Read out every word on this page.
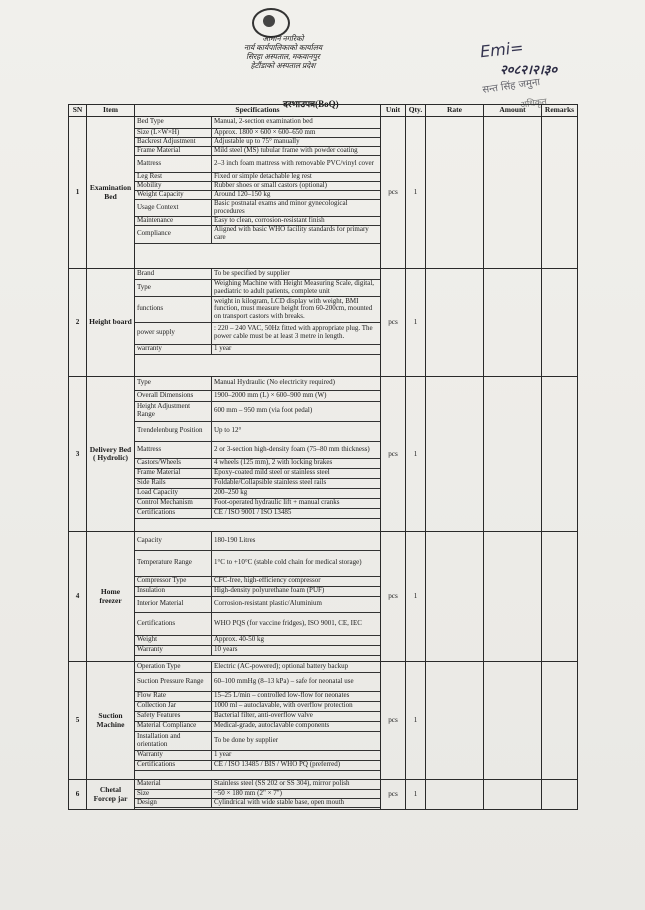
आमान नगरिको
नार्य कार्यपालिकाको कार्यालय
सिरहा अस्पताल, मकवानपुर
हेटौंडाको अस्पताल प्रदेश
Emi=
२०८२।२।३०
सन्त सिंह जमुना
अधिकृत
दरभाउपत्र(BoQ)
SN	Item	Specifications	Unit	Qty.	Rate	Amount	Remarks
1	Examination Bed	
Bed Type	Manual, 2-section examination bed
Size (L×W×H)	Approx. 1800 × 600 × 600–650 mm
Backrest Adjustment	Adjustable up to 75° manually
Frame Material	Mild steel (MS) tubular frame with powder coating
Mattress	2–3 inch foam mattress with removable PVC/vinyl cover
Leg Rest	Fixed or simple detachable leg rest
Mobility	Rubber shoes or small castors (optional)
Weight Capacity	Around 120–150 kg
Usage Context	Basic postnatal exams and minor gynecological procedures
Maintenance	Easy to clean, corrosion-resistant finish
Compliance	Aligned with basic WHO facility standards for primary care
	pcs	1			
2	Height board	
Brand	To be specified by supplier
Type	Weighing Machine with Height Measuring Scale, digital, paediatric to adult patients, complete unit
functions	weight in kilogram, LCD display with weight, BMI function, must measure height from 60-200cm, mounted on transport castors with breaks.
power supply	: 220 – 240 VAC, 50Hz fitted with appropriate plug. The power cable must be at least 3 metre in length.
warranty	1 year
	pcs	1			
3	Delivery Bed ( Hydrolic)	
Type	Manual Hydraulic (No electricity required)
Overall Dimensions	1900–2000 mm (L) × 600–900 mm (W)
Height Adjustment Range	600 mm – 950 mm (via foot pedal)
Trendelenburg Position	Up to 12°
Mattress	2 or 3-section high-density foam (75–80 mm thickness)
Castors/Wheels	4 wheels (125 mm), 2 with locking brakes
Frame Material	Epoxy-coated mild steel or stainless steel
Side Rails	Foldable/Collapsible stainless steel rails
Load Capacity	200–250 kg
Control Mechanism	Foot-operated hydraulic lift + manual cranks
Certifications	CE / ISO 9001 / ISO 13485
	pcs	1			
4	Home freezer	
Capacity	180-190 Litres
Temperature Range	1°C to +10°C (stable cold chain for medical storage)
Compressor Type	CFC-free, high-efficiency compressor
Insulation	High-density polyurethane foam (PUF)
Interior Material	Corrosion-resistant plastic/Aluminium
Certifications	WHO PQS (for vaccine fridges), ISO 9001, CE, IEC
Weight	Approx. 40-50 kg
Warranty	10 years
	pcs	1			
5	Suction Machine	
Operation Type	Electric (AC-powered); optional battery backup
Suction Pressure Range	60–100 mmHg (8–13 kPa) – safe for neonatal use
Flow Rate	15–25 L/min – controlled low-flow for neonates
Collection Jar	1000 ml – autoclavable, with overflow protection
Safety Features	Bacterial filter, anti-overflow valve
Material Compliance	Medical-grade, autoclavable components
Installation and orientation	To be done by supplier
Warranty	1 year
Certifications	CE / ISO 13485 / BIS / WHO PQ (preferred)
	pcs	1			
6	Chetal Forcep jar	
Material	Stainless steel (SS 202 or SS 304), mirror polish
Size	~50 × 180 mm (2" × 7")
Design	Cylindrical with wide stable base, open mouth
	pcs	1			
